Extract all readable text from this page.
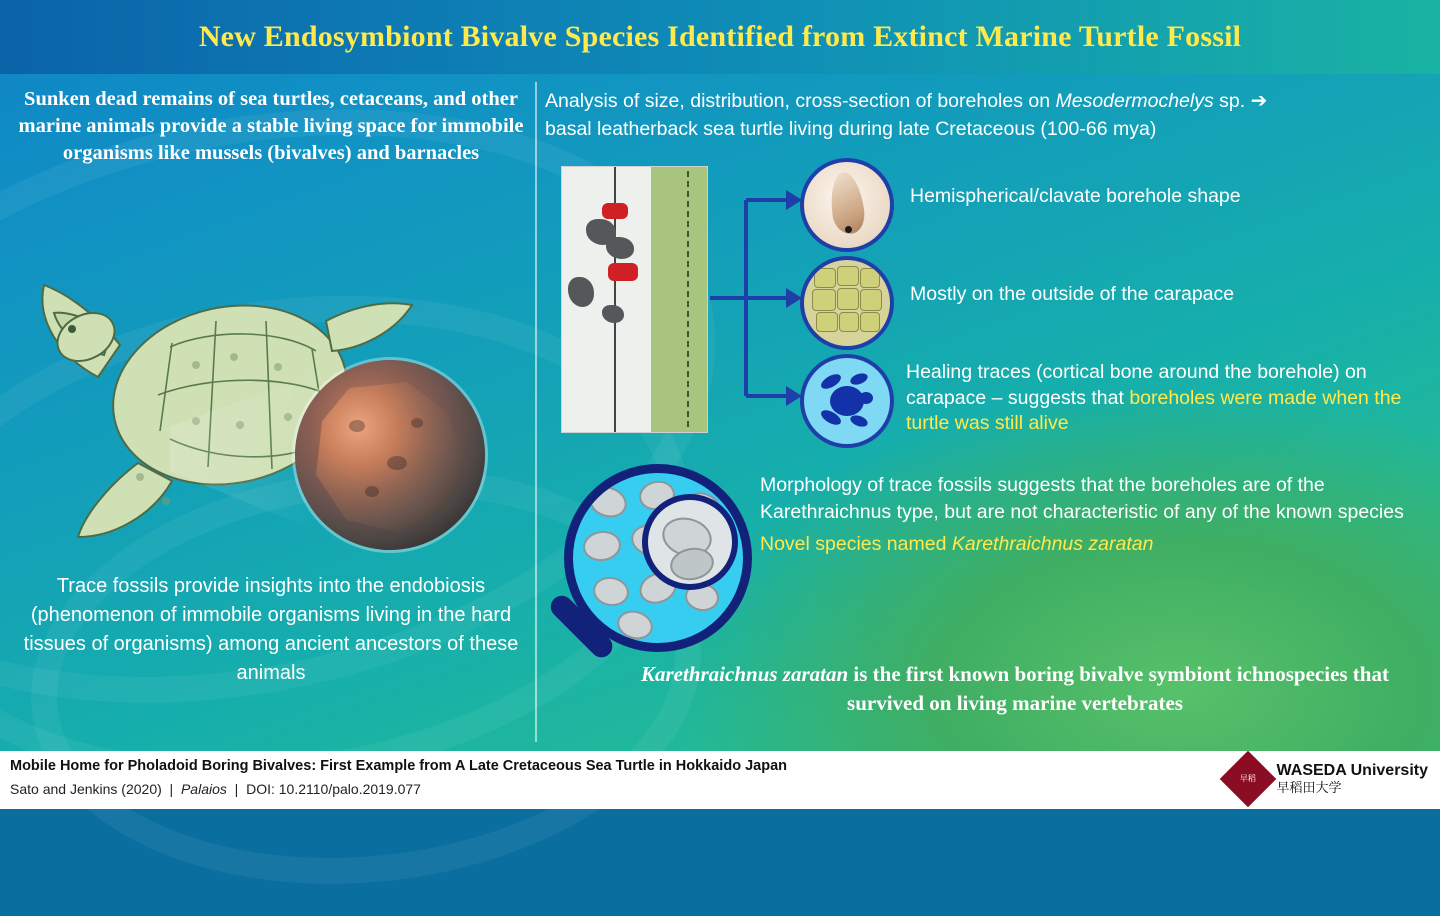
New Endosymbiont Bivalve Species Identified from Extinct Marine Turtle Fossil
Sunken dead remains of sea turtles, cetaceans, and other marine animals provide a stable living space for immobile organisms like mussels (bivalves) and barnacles
Trace fossils provide insights into the endobiosis (phenomenon of immobile organisms living in the hard tissues of organisms) among ancient ancestors of these animals
Analysis of size, distribution, cross-section of boreholes on Mesodermochelys sp. ➔
basal leatherback sea turtle living during late Cretaceous (100-66 mya)
Hemispherical/clavate borehole shape
Mostly on the outside of the carapace
Healing traces (cortical bone around the borehole) on carapace – suggests that boreholes were made when the turtle was still alive
Morphology of trace fossils suggests that the boreholes are of the Karethraichnus type, but are not characteristic of any of the known species
Novel species named Karethraichnus zaratan
Karethraichnus zaratan is the first known boring bivalve symbiont ichnospecies that survived on living marine vertebrates
Mobile Home for Pholadoid Boring Bivalves: First Example from A Late Cretaceous Sea Turtle in Hokkaido Japan
Sato and Jenkins (2020) | Palaios | DOI: 10.2110/palo.2019.077
早稻 WASEDA University
早稻田大学
